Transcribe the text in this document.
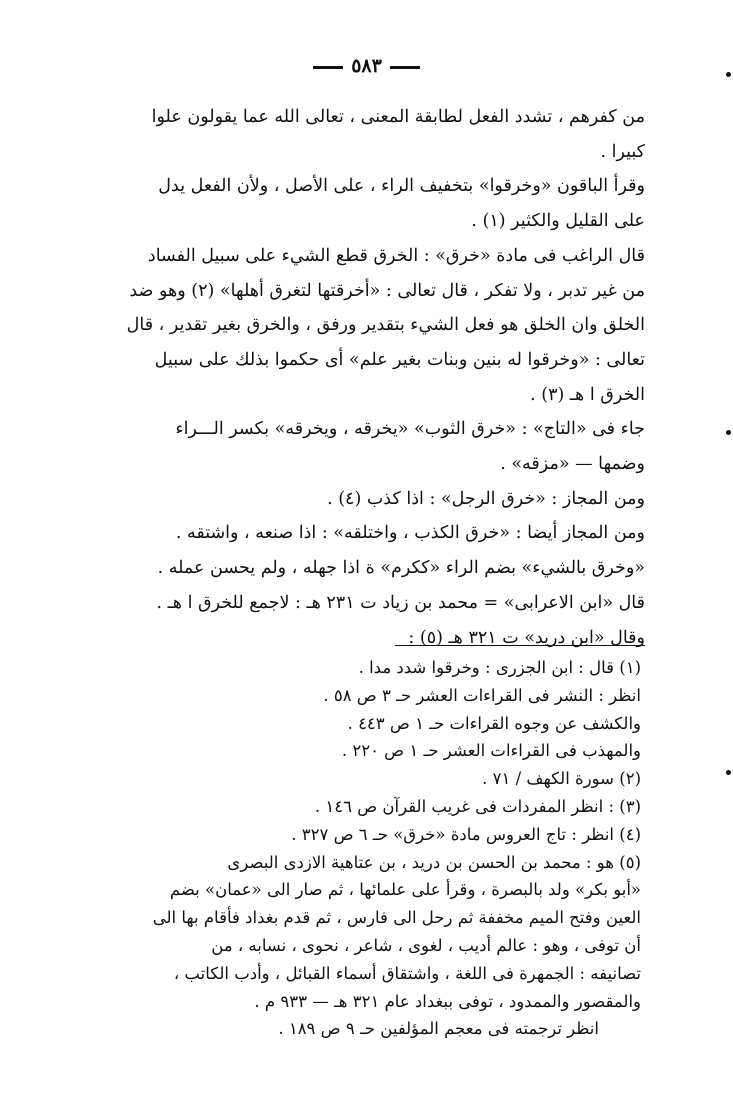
٥٨٣

من كفرهم ، تشدد الفعل لطابقة المعنى ، تعالى الله عما يقولون علوا

كبيرا .

وقرأ الباقون «وخرقوا» بتخفيف الراء ، على الأصل ، ولأن الفعل يدل

على القليل والكثير (١) .

قال الراغب فى مادة «خرق» : الخرق قطع الشيء على سبيل الفساد

من غير تدبر ، ولا تفكر ، قال تعالى : «أخرقتها لتغرق أهلها» (٢) وهو ضد

الخلق وان الخلق هو فعل الشيء بتقدير ورفق ، والخرق بغير تقدير ، قال

تعالى : «وخرقوا له بنين وبنات بغير علم» أى حكموا بذلك على سبيل

الخرق ا هـ (٣) .

جاء فى «التاج» : «خرق الثوب» «يخرقه ، ويخرقه» بكسر الـــراء

وضمها — «مزقه» .

ومن المجاز : «خرق الرجل» : اذا كذب (٤) .

ومن المجاز أيضا : «خرق الكذب ، واختلقه» : اذا صنعه ، واشتقه .

«وخرق بالشيء» بضم الراء «ككرم» ة اذا جهله ، ولم يحسن عمله .

قال «ابن الاعرابى» = محمد بن زياد ت ٢٣١ هـ : لاجمع للخرق ا هـ .

وقال «ابن دريد» ت ٣٢١ هـ (٥) :

(١) قال : ابن الجزرى : وخرقوا شدد مدا .

انظر : النشر فى القراءات العشر حـ ٣ ص ٥٨ .

والكشف عن وجوه القراءات حـ ١ ص ٤٤٣ .

والمهذب فى القراءات العشر حـ ١ ص ٢٢٠ .

(٢) سورة الكهف / ٧١ .

(٣) : انظر المفردات فى غريب القرآن ص ١٤٦ .

(٤) انظر : تاج العروس مادة «خرق» حـ ٦ ص ٣٢٧ .

(٥) هو : محمد بن الحسن بن دريد ، بن عتاهية الازدى البصرى

«أبو بكر» ولد بالبصرة ، وقرأ على علمائها ، ثم صار الى «عمان» بضم

العين وفتح الميم مخففة ثم رحل الى فارس ، ثم قدم بغداد فأقام بها الى

أن توفى ، وهو : عالم أديب ، لغوى ، شاعر ، نحوى ، نسابه ، من

تصانيفه : الجمهرة فى اللغة ، واشتقاق أسماء القبائل ، وأدب الكاتب ،

والمقصور والممدود ، توفى ببغداد عام ٣٢١ هـ — ٩٣٣ م .

انظر ترجمته فى معجم المؤلفين حـ ٩ ص ١٨٩ .
